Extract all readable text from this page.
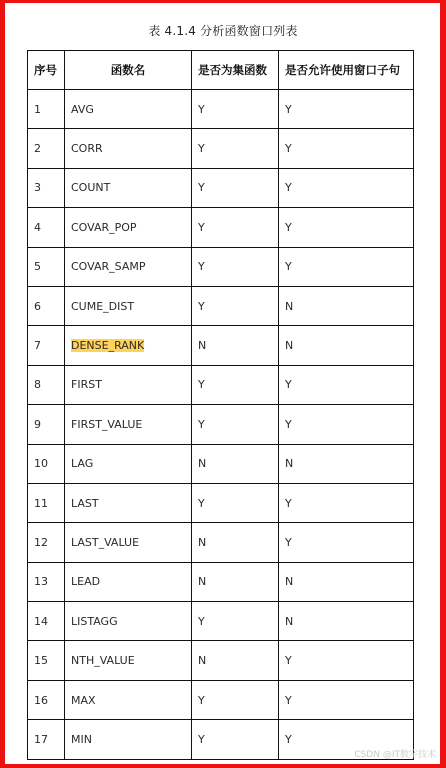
表 4.1.4 分析函数窗口列表
序号	函数名	是否为集函数	是否允许使用窗口子句
1	AVG	Y	Y
2	CORR	Y	Y
3	COUNT	Y	Y
4	COVAR_POP	Y	Y
5	COVAR_SAMP	Y	Y
6	CUME_DIST	Y	N
7	DENSE_RANK	N	N
8	FIRST	Y	Y
9	FIRST_VALUE	Y	Y
10	LAG	N	N
11	LAST	Y	Y
12	LAST_VALUE	N	Y
13	LEAD	N	N
14	LISTAGG	Y	N
15	NTH_VALUE	N	Y
16	MAX	Y	Y
17	MIN	Y	Y
CSDN @IT数字技术
